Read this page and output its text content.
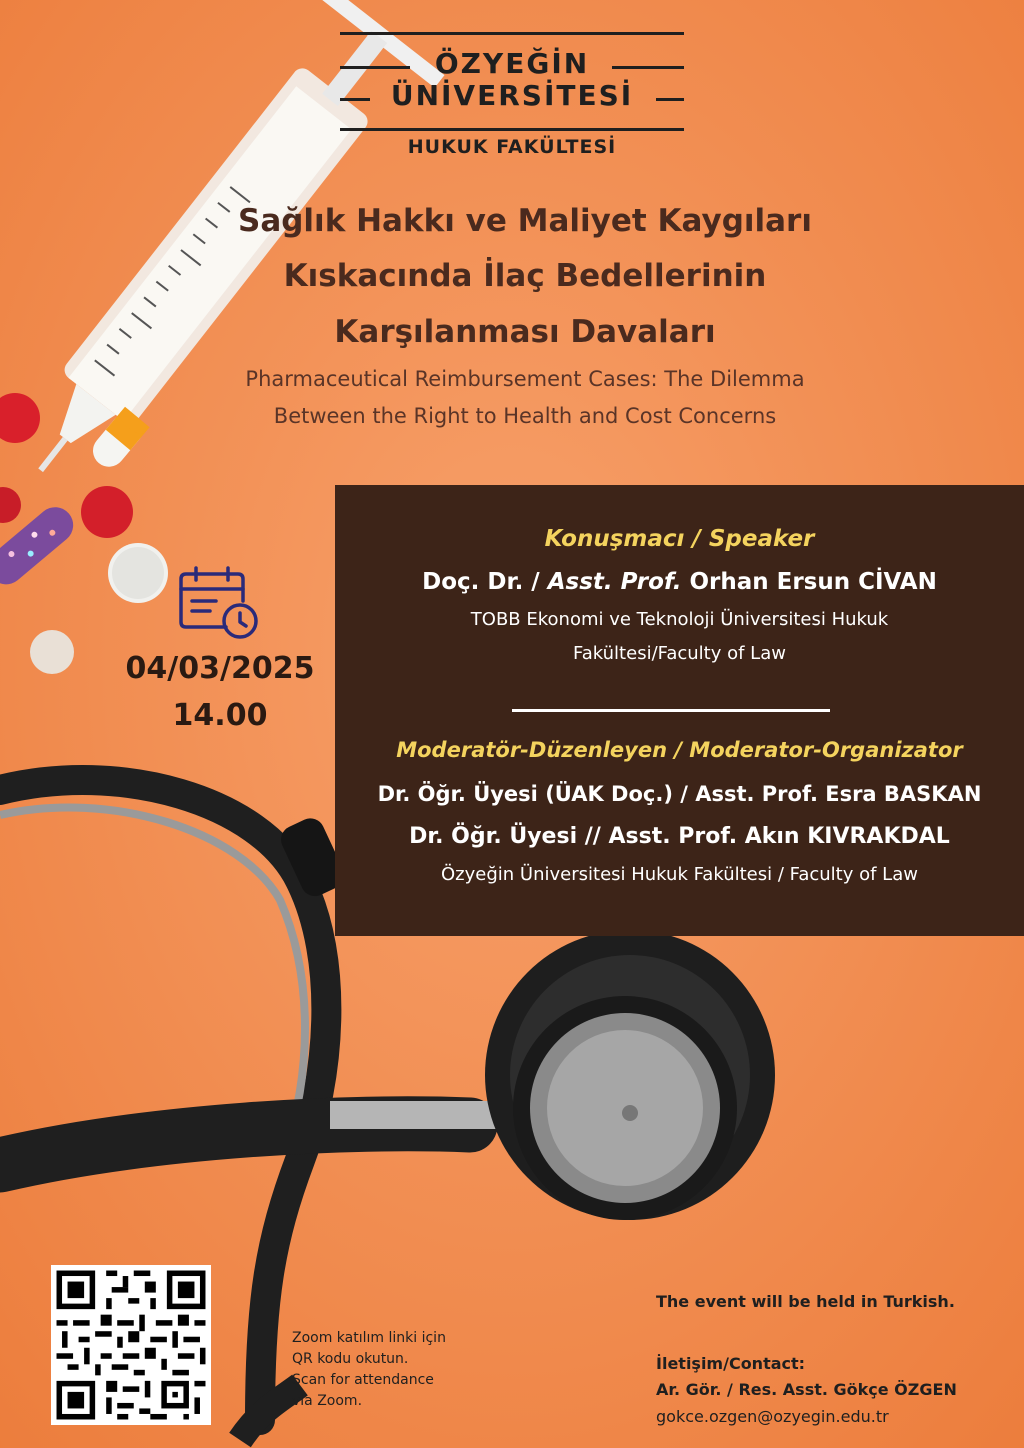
ÖZYEĞİN
ÜNİVERSİTESİ
HUKUK FAKÜLTESİ
Sağlık Hakkı ve Maliyet Kaygıları
Kıskacında İlaç Bedellerinin
Karşılanması Davaları
Pharmaceutical Reimbursement Cases: The Dilemma
Between the Right to Health and Cost Concerns
04/03/2025
14.00
Konuşmacı / Speaker
Doç. Dr. / Asst. Prof. Orhan Ersun CİVAN
TOBB Ekonomi ve Teknoloji Üniversitesi Hukuk
Fakültesi/Faculty of Law
Moderatör-Düzenleyen / Moderator-Organizator
Dr. Öğr. Üyesi (ÜAK Doç.) / Asst. Prof. Esra BASKAN
Dr. Öğr. Üyesi // Asst. Prof. Akın KIVRAKDAL
Özyeğin Üniversitesi Hukuk Fakültesi / Faculty of Law
Zoom katılım linki için
QR kodu okutun.
Scan for attendance
via Zoom.
The event will be held in Turkish.
İletişim/Contact:
Ar. Gör. / Res. Asst. Gökçe ÖZGEN
gokce.ozgen@ozyegin.edu.tr
